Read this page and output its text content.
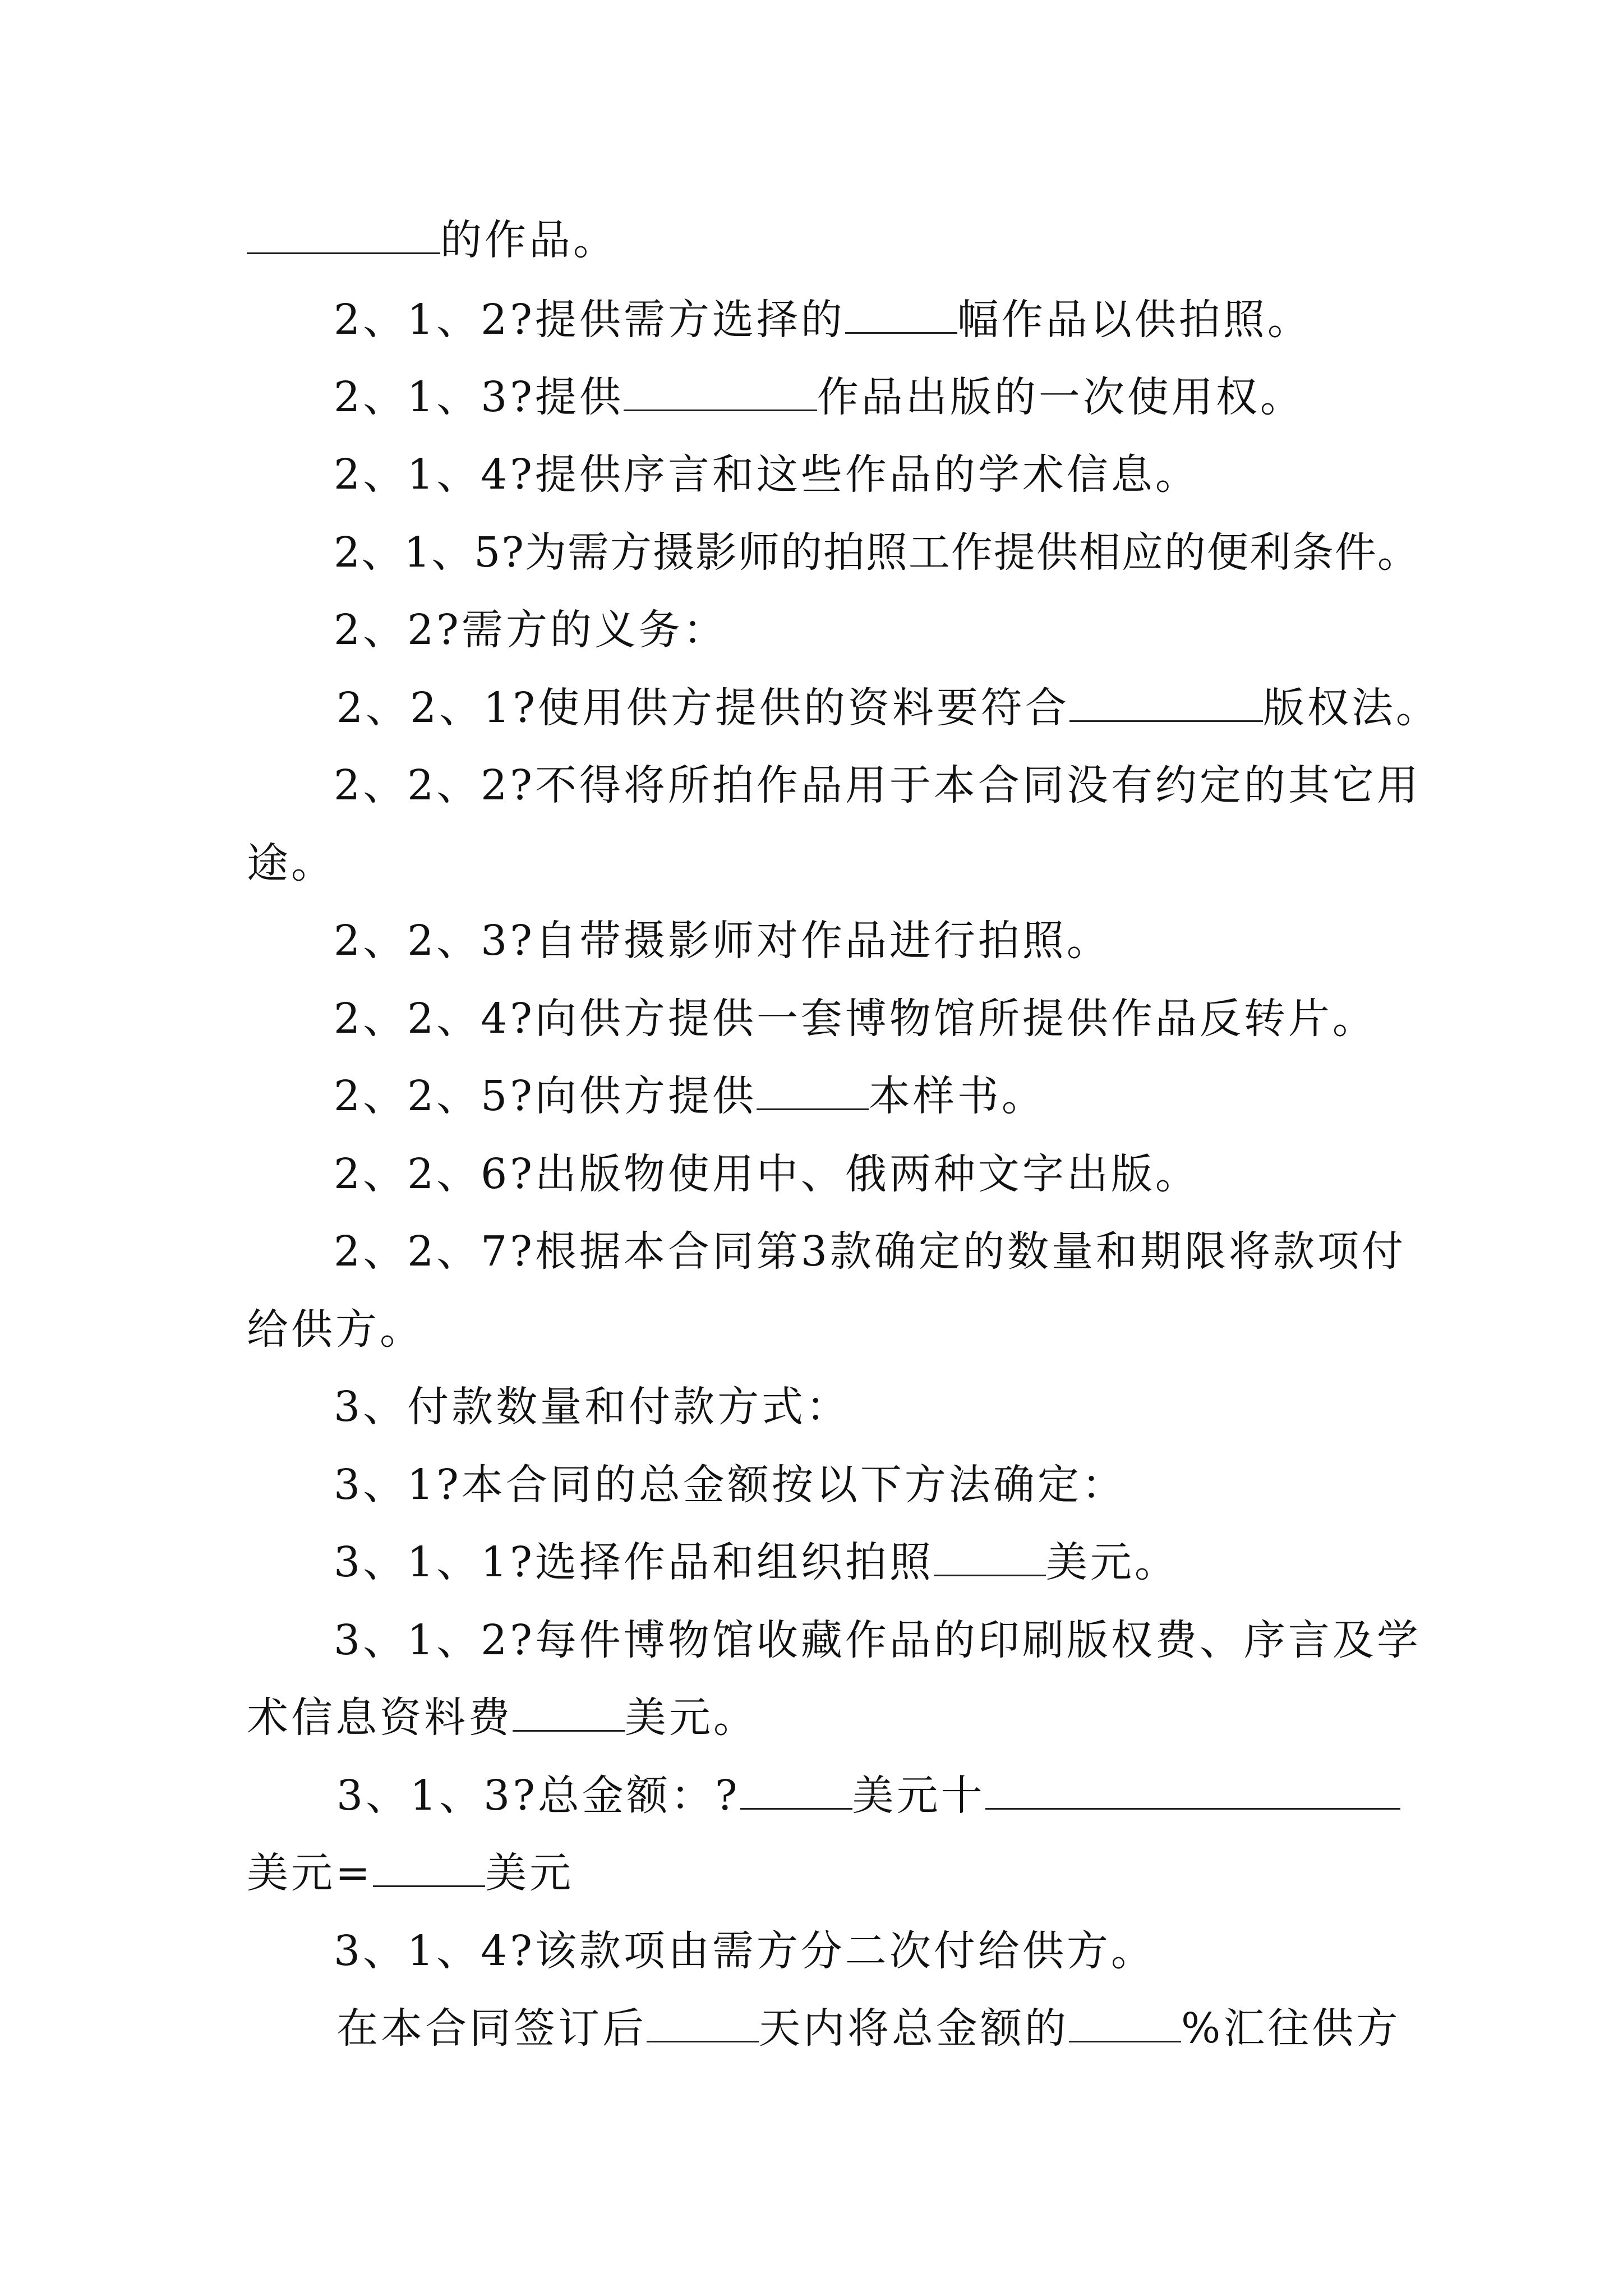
的作品。
2、1、2?提供需方选择的	幅作品以供拍照。
2、1、3?提供	作品出版的一次使用权。
2、1、4?提供序言和这些作品的学术信息。
2、1、5?为需方摄影师的拍照工作提供相应的便利条件。
2、2?需方的义务：
2、2、1?使用供方提供的资料要符合	版权法。
2、2、2?不得将所拍作品用于本合同没有约定的其它用
途。
2、2、3?自带摄影师对作品进行拍照。
2、2、4?向供方提供一套博物馆所提供作品反转片。
2、2、5?向供方提供	本样书。
2、2、6?出版物使用中、俄两种文字出版。
2、2、7?根据本合同第3款确定的数量和期限将款项付
给供方。
3、付款数量和付款方式：
3、1?本合同的总金额按以下方法确定：
3、1、1?选择作品和组织拍照	美元。
3、1、2?每件博物馆收藏作品的印刷版权费、序言及学
术信息资料费	美元。
3、1、3?总金额：?	美元十
美元=	美元
3、1、4?该款项由需方分二次付给供方。
在本合同签订后	天内将总金额的	%汇往供方
